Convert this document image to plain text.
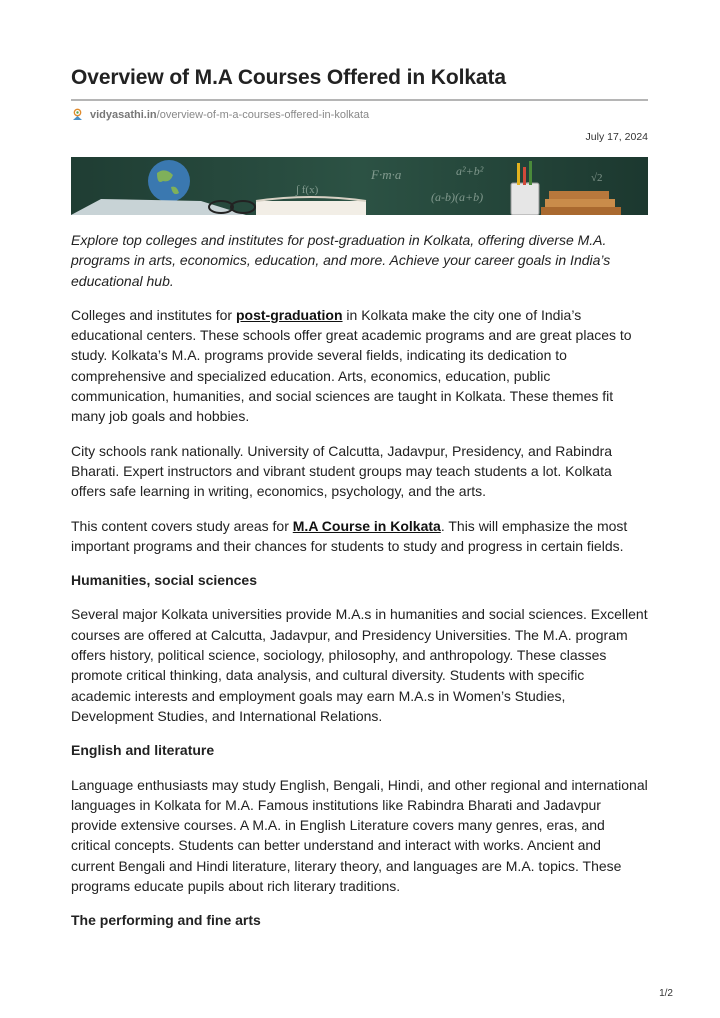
Overview of M.A Courses Offered in Kolkata
vidyasathi.in /overview-of-m-a-courses-offered-in-kolkata
July 17, 2024
F·m·a	a²+b²
(a-b)(a+b)
√2
∫ f(x)

Explore top colleges and institutes for post-graduation in Kolkata, offering diverse M.A. programs in arts, economics, education, and more. Achieve your career goals in India’s educational hub.

Colleges and institutes for post-graduation in Kolkata make the city one of India’s educational centers. These schools offer great academic programs and are great places to study. Kolkata’s M.A. programs provide several fields, indicating its dedication to comprehensive and specialized education. Arts, economics, education, public communication, humanities, and social sciences are taught in Kolkata. These themes fit many job goals and hobbies.

City schools rank nationally. University of Calcutta, Jadavpur, Presidency, and Rabindra Bharati. Expert instructors and vibrant student groups may teach students a lot. Kolkata offers safe learning in writing, economics, psychology, and the arts.

This content covers study areas for M.A Course in Kolkata. This will emphasize the most important programs and their chances for students to study and progress in certain fields.

Humanities, social sciences

Several major Kolkata universities provide M.A.s in humanities and social sciences. Excellent courses are offered at Calcutta, Jadavpur, and Presidency Universities. The M.A. program offers history, political science, sociology, philosophy, and anthropology. These classes promote critical thinking, data analysis, and cultural diversity. Students with specific academic interests and employment goals may earn M.A.s in Women’s Studies, Development Studies, and International Relations.

English and literature

Language enthusiasts may study English, Bengali, Hindi, and other regional and international languages in Kolkata for M.A. Famous institutions like Rabindra Bharati and Jadavpur provide extensive courses. A M.A. in English Literature covers many genres, eras, and critical concepts. Students can better understand and interact with works. Ancient and current Bengali and Hindi literature, literary theory, and languages are M.A. topics. These programs educate pupils about rich literary traditions.

The performing and fine arts

1/2
